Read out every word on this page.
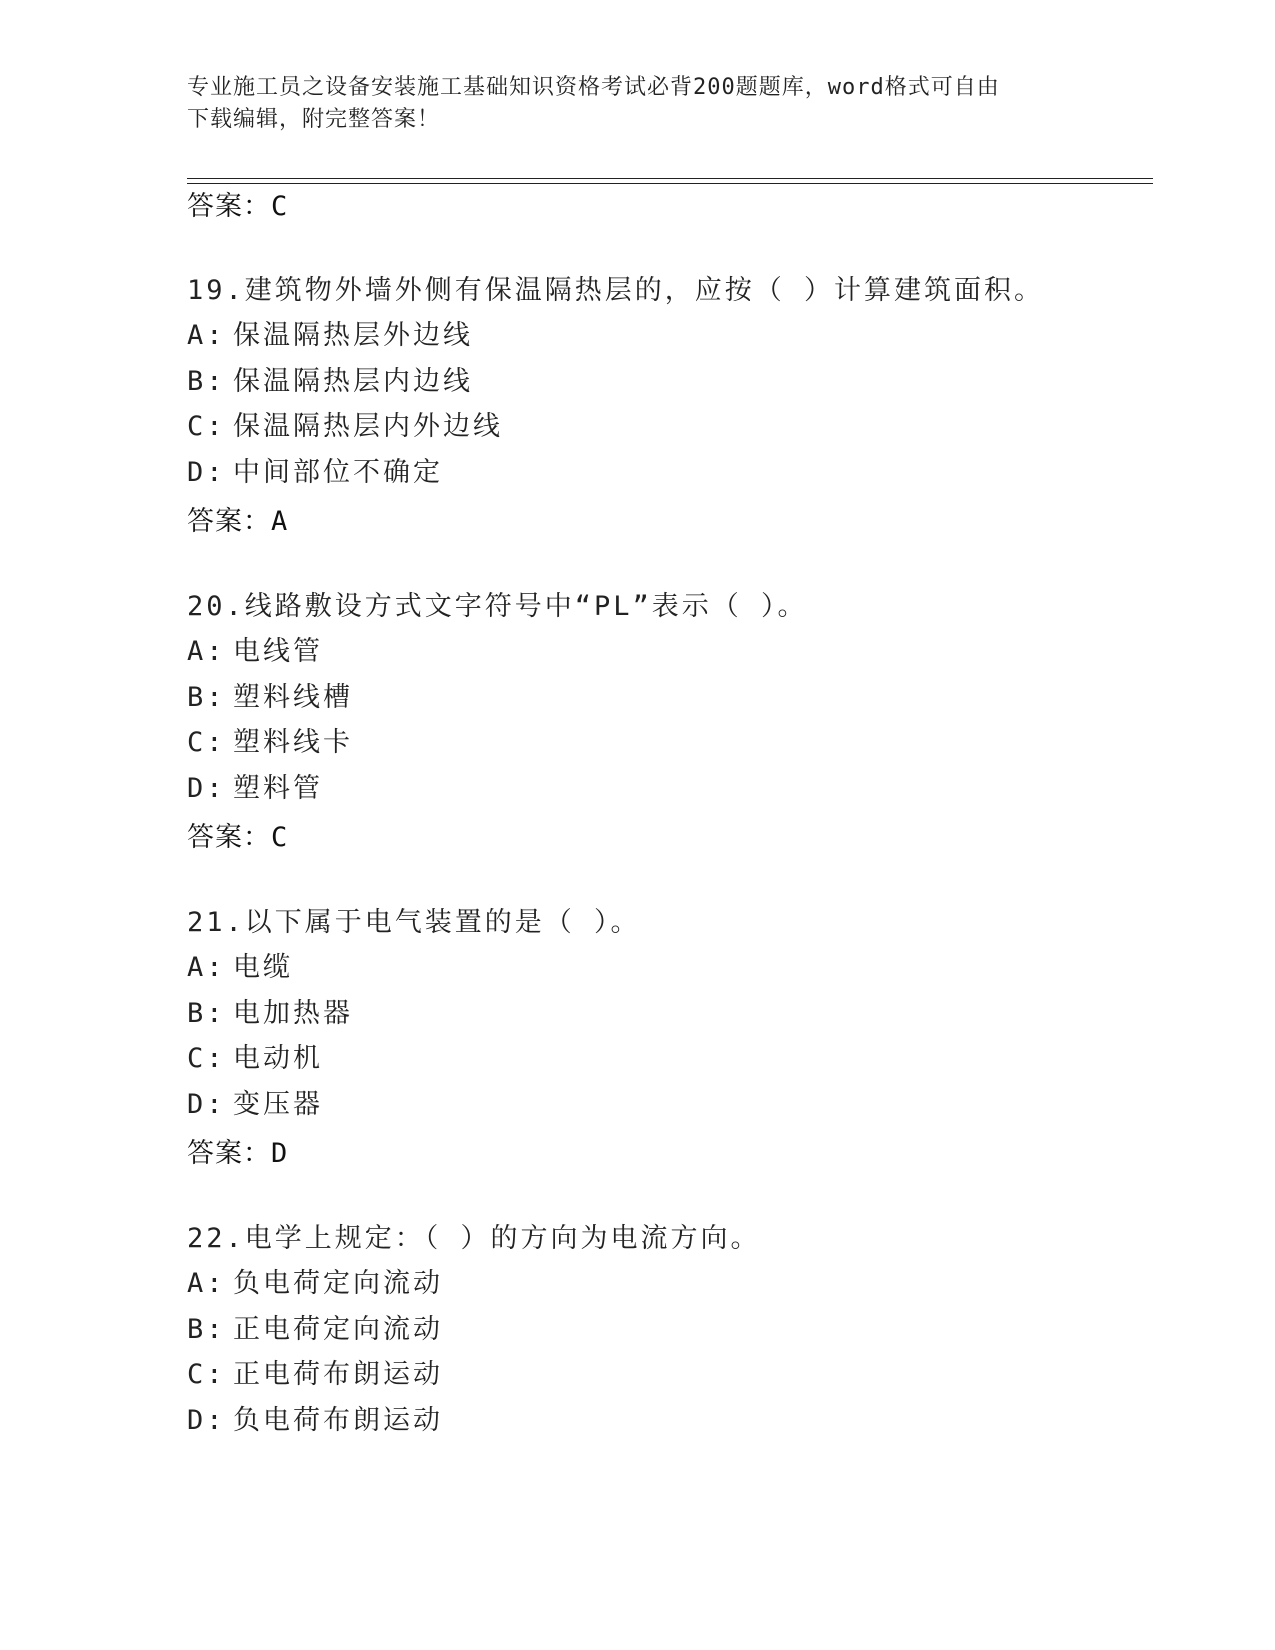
专业施工员之设备安装施工基础知识资格考试必背200题题库，word格式可自由
下载编辑，附完整答案！
答案：C
19.建筑物外墙外侧有保温隔热层的，应按（ ）计算建筑面积。
A: 保温隔热层外边线
B: 保温隔热层内边线
C: 保温隔热层内外边线
D: 中间部位不确定
答案：A
20.线路敷设方式文字符号中“PL”表示（ ）。
A: 电线管
B: 塑料线槽
C: 塑料线卡
D: 塑料管
答案：C
21.以下属于电气装置的是（ ）。
A: 电缆
B: 电加热器
C: 电动机
D: 变压器
答案：D
22.电学上规定：（ ）的方向为电流方向。
A: 负电荷定向流动
B: 正电荷定向流动
C: 正电荷布朗运动
D: 负电荷布朗运动
